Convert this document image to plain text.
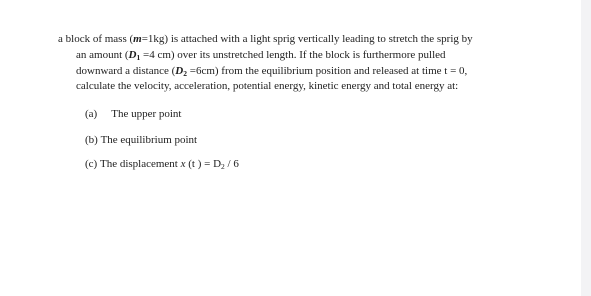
a block of mass (m=1kg) is attached with a light sprig vertically leading to stretch the sprig by
an amount ($D_1 =4$ cm) over its unstretched length. If the block is furthermore pulled
downward a distance $(D_2 =6cm)$ from the equilibrium position and released at time t = 0,
calculate the velocity, acceleration, potential energy, kinetic energy and total energy at:
(a) The upper point
(b) The equilibrium point
(c) The displacement x (t ) = $D_2 / 6$
